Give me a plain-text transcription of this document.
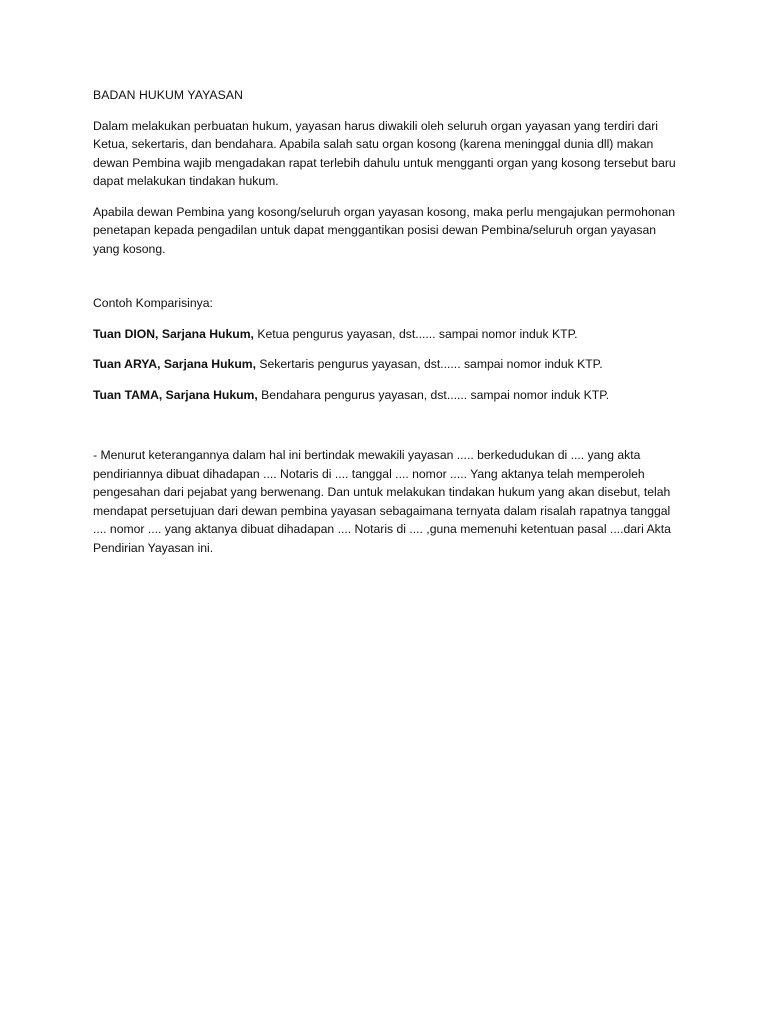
BADAN HUKUM YAYASAN

Dalam melakukan perbuatan hukum, yayasan harus diwakili oleh seluruh organ yayasan yang terdiri dari Ketua, sekertaris, dan bendahara. Apabila salah satu organ kosong (karena meninggal dunia dll) makan dewan Pembina wajib mengadakan rapat terlebih dahulu untuk mengganti organ yang kosong tersebut baru dapat melakukan tindakan hukum.

Apabila dewan Pembina yang kosong/seluruh organ yayasan kosong, maka perlu mengajukan permohonan penetapan kepada pengadilan untuk dapat menggantikan posisi dewan Pembina/seluruh organ yayasan yang kosong.

Contoh Komparisinya:

Tuan DION, Sarjana Hukum, Ketua pengurus yayasan, dst...... sampai nomor induk KTP.

Tuan ARYA, Sarjana Hukum, Sekertaris pengurus yayasan, dst...... sampai nomor induk KTP.

Tuan TAMA, Sarjana Hukum, Bendahara pengurus yayasan, dst...... sampai nomor induk KTP.

- Menurut keterangannya dalam hal ini bertindak mewakili yayasan ..... berkedudukan di .... yang akta pendiriannya dibuat dihadapan .... Notaris di .... tanggal .... nomor ..... Yang aktanya telah memperoleh pengesahan dari pejabat yang berwenang. Dan untuk melakukan tindakan hukum yang akan disebut, telah mendapat persetujuan dari dewan pembina yayasan sebagaimana ternyata dalam risalah rapatnya tanggal .... nomor .... yang aktanya dibuat dihadapan .... Notaris di .... ,guna memenuhi ketentuan pasal ....dari Akta Pendirian Yayasan ini.
